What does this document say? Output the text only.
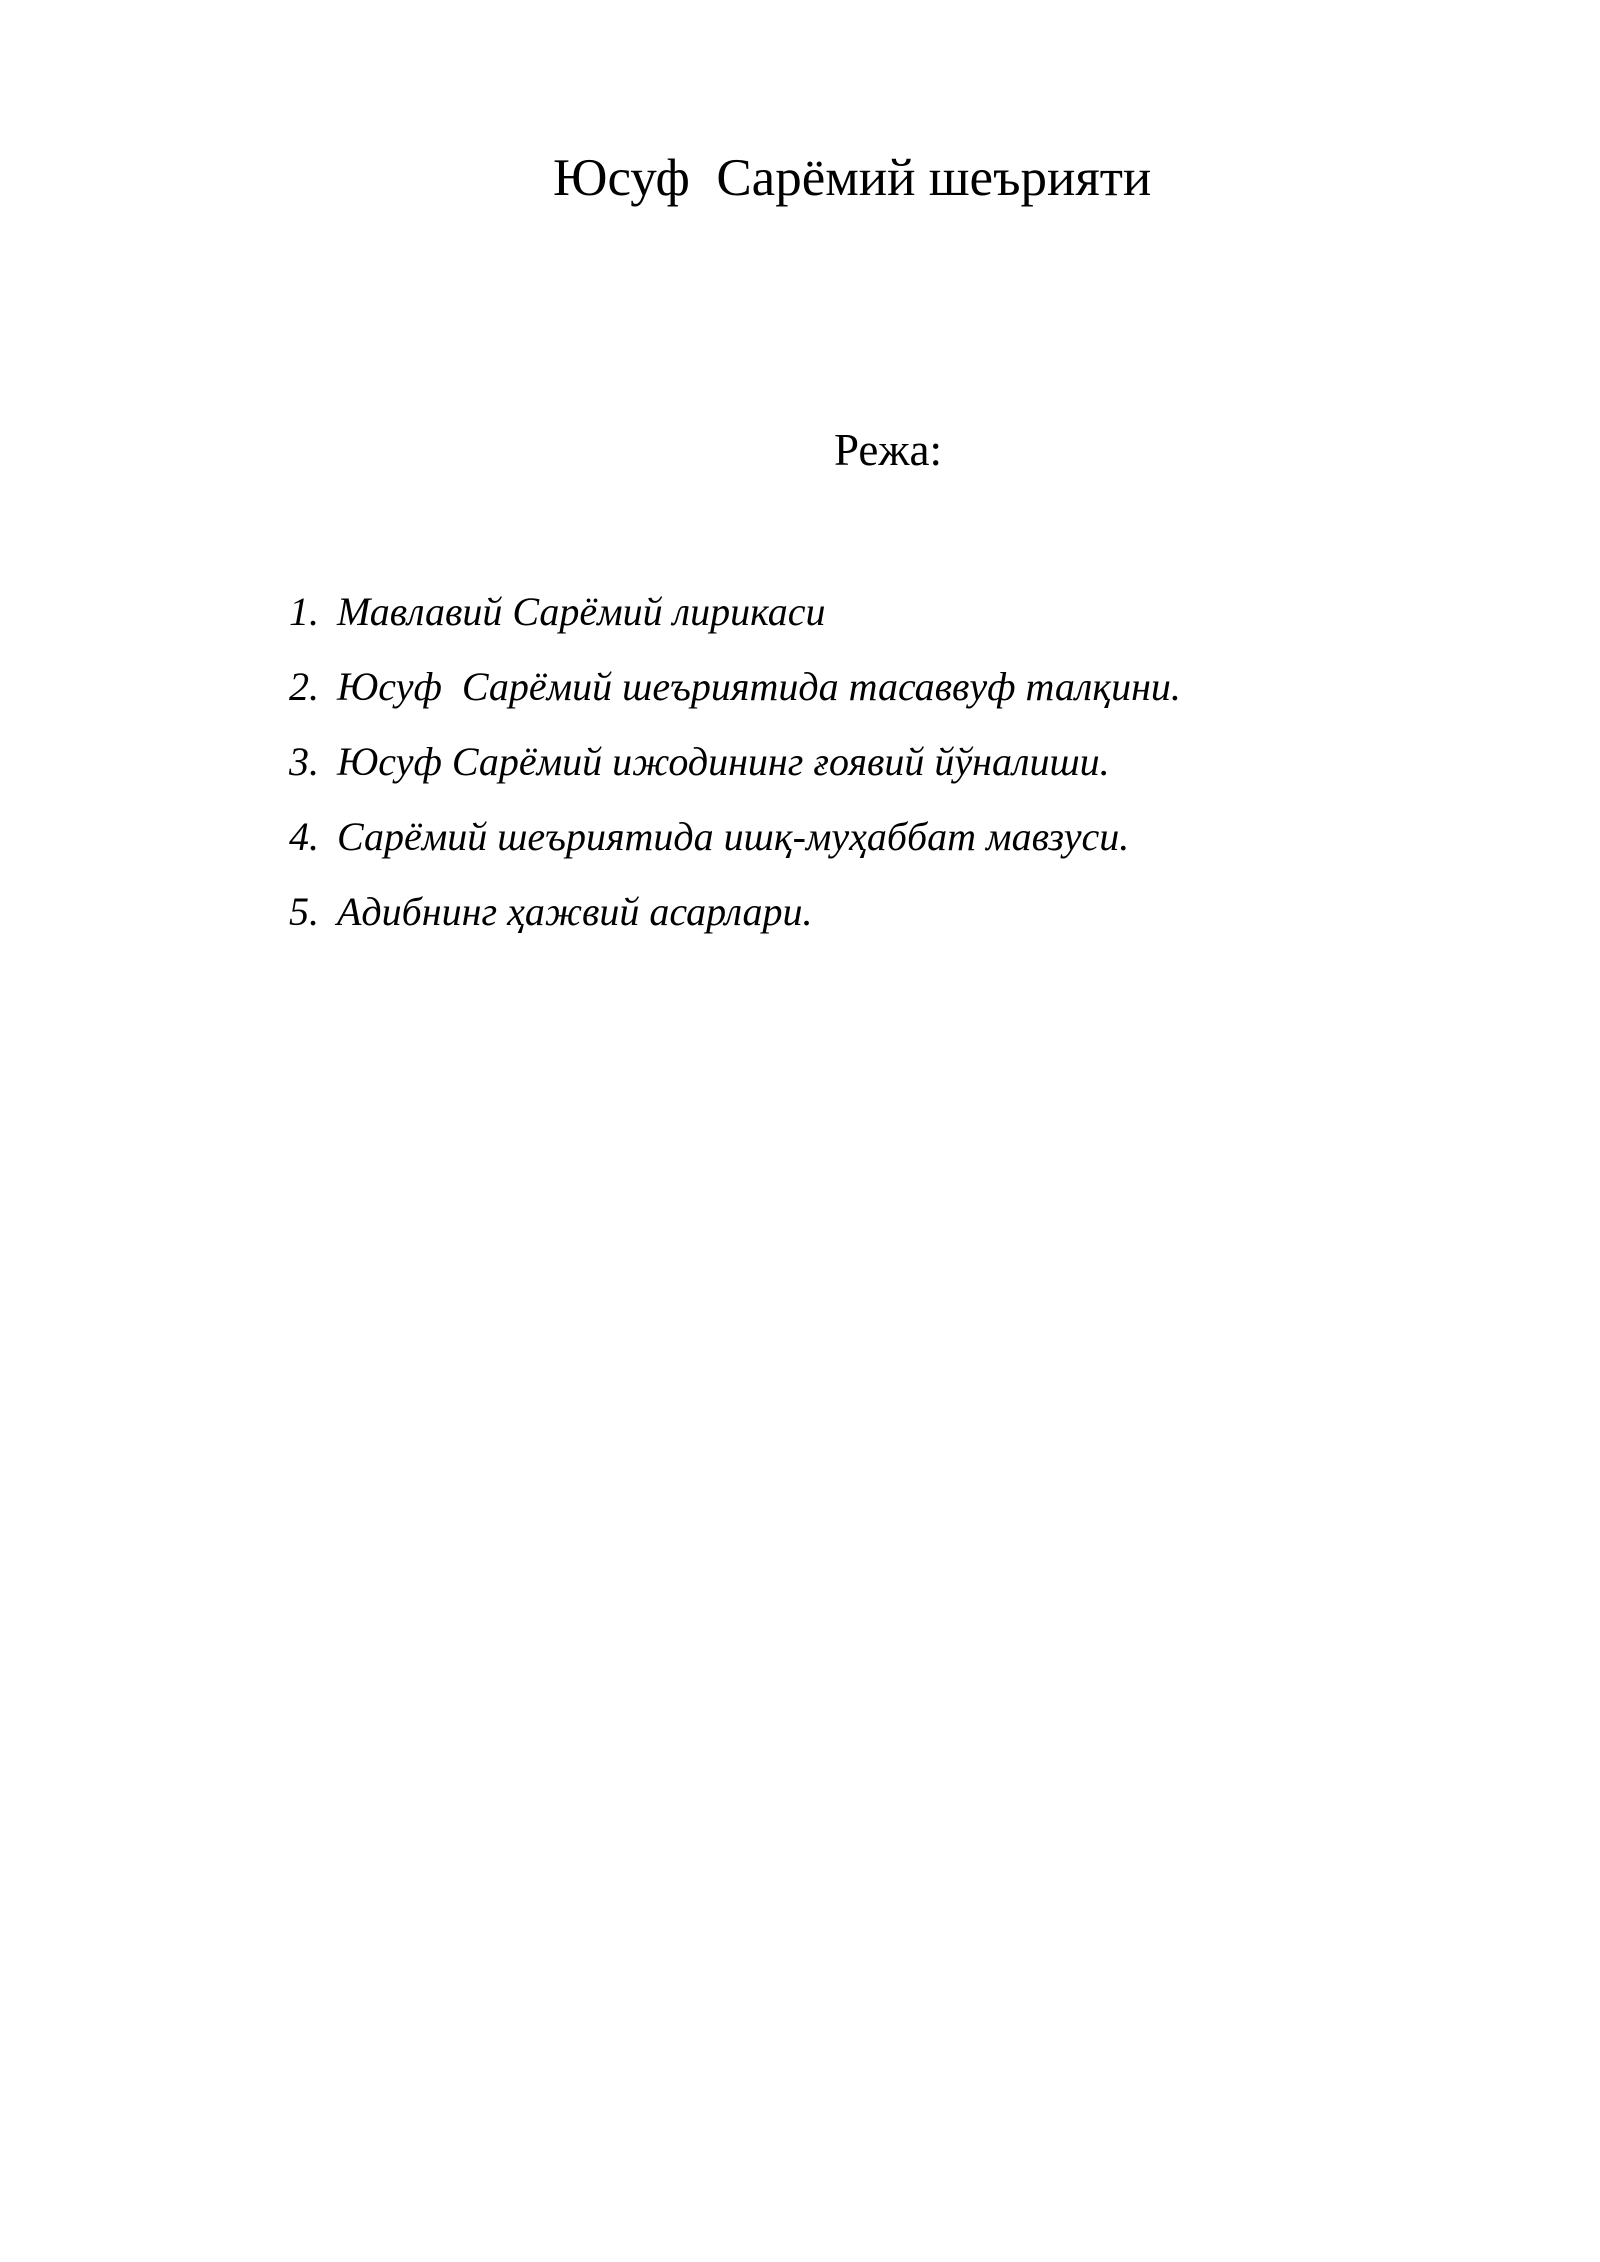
Юсуф  Сарёмий шеърияти
Режа:
1. Мавлавий Сарёмий лирикаси
2. Юсуф  Сарёмий шеъриятида тасаввуф талқини.
3. Юсуф Сарёмий ижодининг ғоявий йўналиши.
4. Сарёмий шеъриятида ишқ-муҳаббат мавзуси.
5. Адибнинг ҳажвий асарлари.
